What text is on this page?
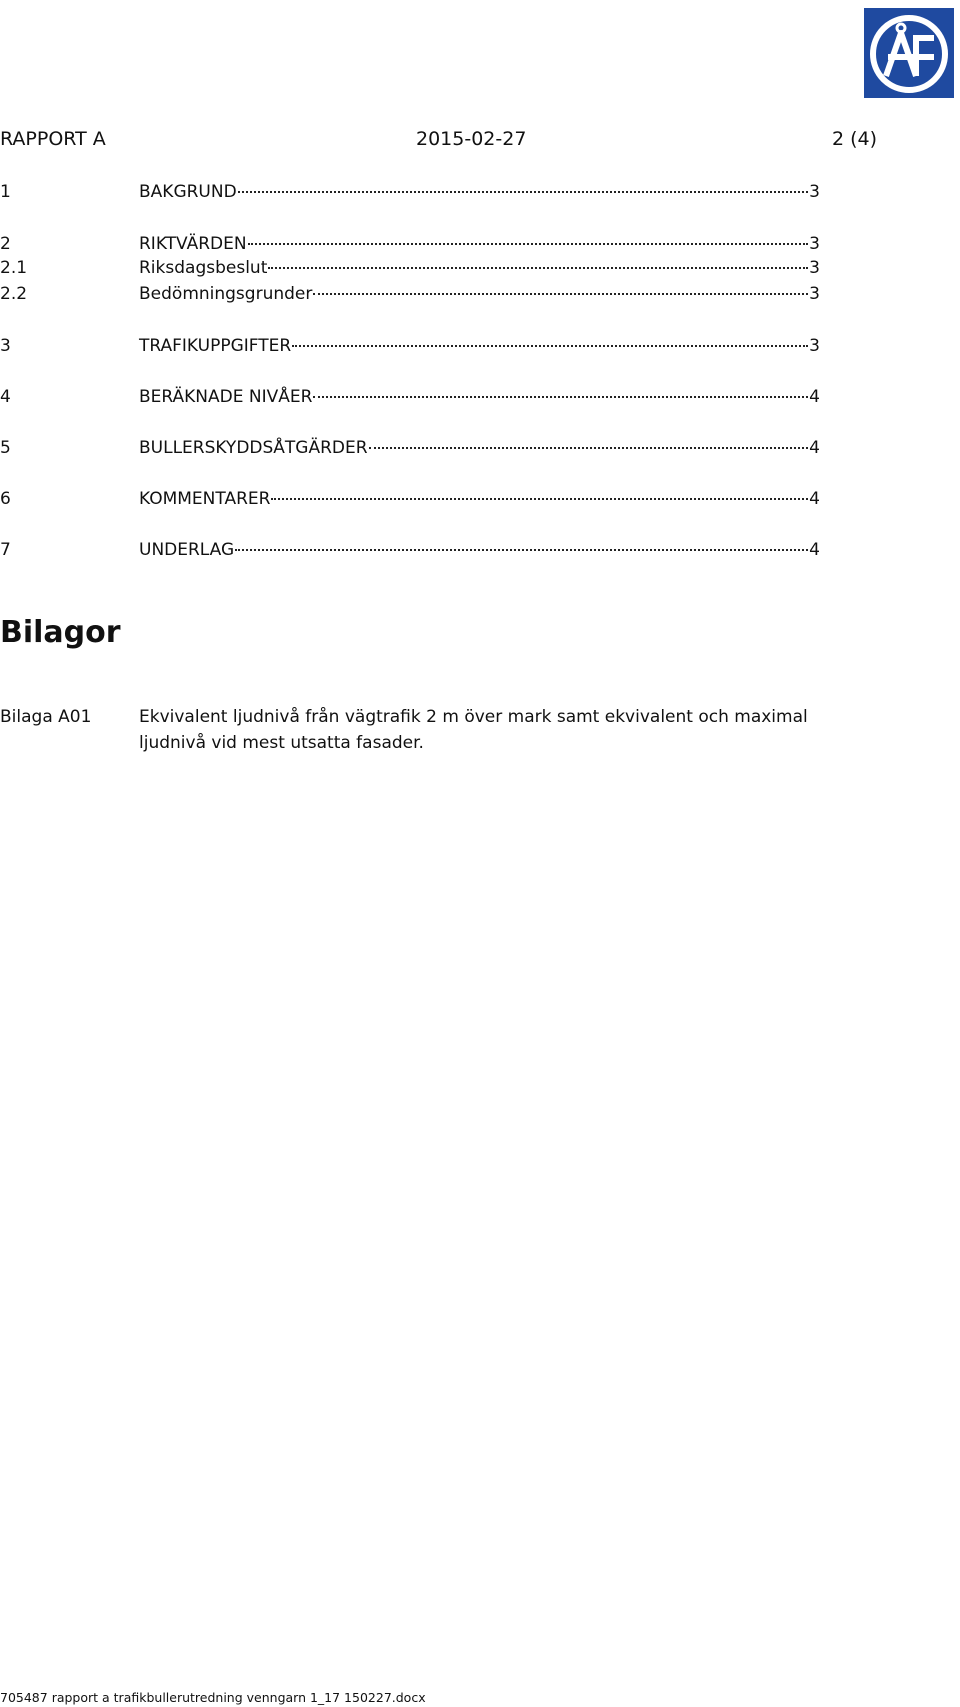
RAPPORT A	2015-02-27	2 (4)
1	BAKGRUND	3
2	RIKTVÄRDEN	3
2.1	Riksdagsbeslut	3
2.2	Bedömningsgrunder	3
3	TRAFIKUPPGIFTER	3
4	BERÄKNADE NIVÅER	4
5	BULLERSKYDDSÅTGÄRDER	4
6	KOMMENTARER	4
7	UNDERLAG	4
Bilagor
Bilaga A01	Ekvivalent ljudnivå från vägtrafik 2 m över mark samt ekvivalent och maximal ljudnivå vid mest utsatta fasader.
705487 rapport a trafikbullerutredning venngarn 1_17 150227.docx
